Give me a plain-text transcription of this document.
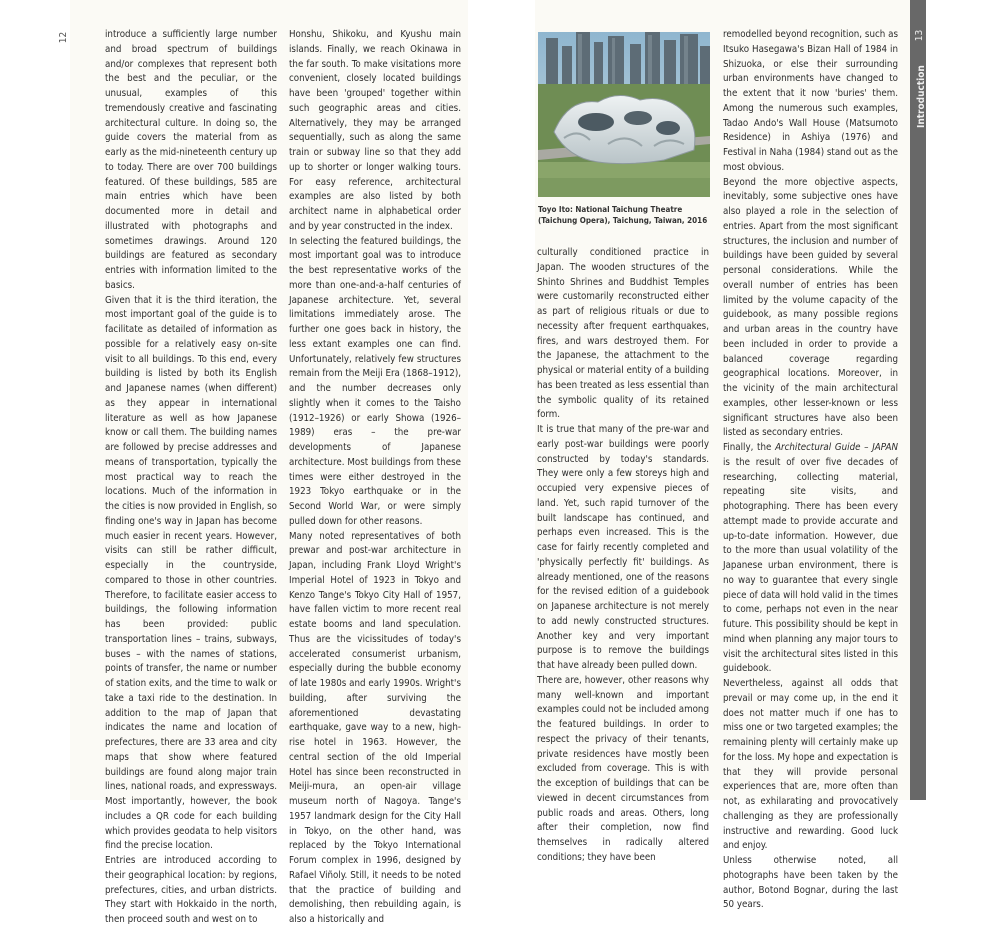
introduce a sufficiently large number and broad spectrum of buildings and/or complexes that represent both the best and the peculiar, or the unusual, examples of this tremendously creative and fascinating architectural culture. In doing so, the guide covers the material from as early as the mid-nineteenth century up to today. There are over 700 buildings featured. Of these buildings, 585 are main entries which have been documented more in detail and illustrated with photographs and sometimes drawings. Around 120 buildings are featured as secondary entries with information limited to the basics.

Given that it is the third iteration, the most important goal of the guide is to facilitate as detailed of information as possible for a relatively easy on-site visit to all buildings. To this end, every building is listed by both its English and Japanese names (when different) as they appear in international literature as well as how Japanese know or call them. The building names are followed by precise addresses and means of transportation, typically the most practical way to reach the locations. Much of the information in the cities is now provided in English, so finding one's way in Japan has become much easier in recent years. However, visits can still be rather difficult, especially in the countryside, compared to those in other countries. Therefore, to facilitate easier access to buildings, the following information has been provided: public transportation lines – trains, subways, buses – with the names of stations, points of transfer, the name or number of station exits, and the time to walk or take a taxi ride to the destination. In addition to the map of Japan that indicates the name and location of prefectures, there are 33 area and city maps that show where featured buildings are found along major train lines, national roads, and expressways. Most importantly, however, the book includes a QR code for each building which provides geodata to help visitors find the precise location.

Entries are introduced according to their geographical location: by regions, prefectures, cities, and urban districts. They start with Hokkaido in the north, then proceed south and west on to

Honshu, Shikoku, and Kyushu main islands. Finally, we reach Okinawa in the far south. To make visitations more convenient, closely located buildings have been 'grouped' together within such geographic areas and cities. Alternatively, they may be arranged sequentially, such as along the same train or subway line so that they add up to shorter or longer walking tours. For easy reference, architectural examples are also listed by both architect name in alphabetical order and by year constructed in the index.

In selecting the featured buildings, the most important goal was to introduce the best representative works of the more than one-and-a-half centuries of Japanese architecture. Yet, several limitations immediately arose. The further one goes back in history, the less extant examples one can find. Unfortunately, relatively few structures remain from the Meiji Era (1868–1912), and the number decreases only slightly when it comes to the Taisho (1912–1926) or early Showa (1926–1989) eras – the pre-war developments of Japanese architecture. Most buildings from these times were either destroyed in the 1923 Tokyo earthquake or in the Second World War, or were simply pulled down for other reasons.

Many noted representatives of both prewar and post-war architecture in Japan, including Frank Lloyd Wright's Imperial Hotel of 1923 in Tokyo and Kenzo Tange's Tokyo City Hall of 1957, have fallen victim to more recent real estate booms and land speculation. Thus are the vicissitudes of today's accelerated consumerist urbanism, especially during the bubble economy of late 1980s and early 1990s. Wright's building, after surviving the aforementioned devastating earthquake, gave way to a new, high-rise hotel in 1963. However, the central section of the old Imperial Hotel has since been reconstructed in Meiji-mura, an open-air village museum north of Nagoya. Tange's 1957 landmark design for the City Hall in Tokyo, on the other hand, was replaced by the Tokyo International Forum complex in 1996, designed by Rafael Viñoly. Still, it needs to be noted that the practice of building and demolishing, then rebuilding again, is also a historically and

culturally conditioned practice in Japan. The wooden structures of the Shinto Shrines and Buddhist Temples were customarily reconstructed either as part of religious rituals or due to necessity after frequent earthquakes, fires, and wars destroyed them. For the Japanese, the attachment to the physical or material entity of a building has been treated as less essential than the symbolic quality of its retained form.

It is true that many of the pre-war and early post-war buildings were poorly constructed by today's standards. They were only a few storeys high and occupied very expensive pieces of land. Yet, such rapid turnover of the built landscape has continued, and perhaps even increased. This is the case for fairly recently completed and 'physically perfectly fit' buildings. As already mentioned, one of the reasons for the revised edition of a guidebook on Japanese architecture is not merely to add newly constructed structures. Another key and very important purpose is to remove the buildings that have already been pulled down.

There are, however, other reasons why many well-known and important examples could not be included among the featured buildings. In order to respect the privacy of their tenants, private residences have mostly been excluded from coverage. This is with the exception of buildings that can be viewed in decent circumstances from public roads and areas. Others, long after their completion, now find themselves in radically altered conditions; they have been

remodelled beyond recognition, such as Itsuko Hasegawa's Bizan Hall of 1984 in Shizuoka, or else their surrounding urban environments have changed to the extent that it now 'buries' them. Among the numerous such examples, Tadao Ando's Wall House (Matsumoto Residence) in Ashiya (1976) and Festival in Naha (1984) stand out as the most obvious.

Beyond the more objective aspects, inevitably, some subjective ones have also played a role in the selection of entries. Apart from the most significant structures, the inclusion and number of buildings have been guided by several personal considerations. While the overall number of entries has been limited by the volume capacity of the guidebook, as many possible regions and urban areas in the country have been included in order to provide a balanced coverage regarding geographical locations. Moreover, in the vicinity of the main architectural examples, other lesser-known or less significant structures have also been listed as secondary entries.

Finally, the Architectural Guide – JAPAN is the result of over five decades of researching, collecting material, repeating site visits, and photographing. There has been every attempt made to provide accurate and up-to-date information. However, due to the more than usual volatility of the Japanese urban environment, there is no way to guarantee that every single piece of data will hold valid in the times to come, perhaps not even in the near future. This possibility should be kept in mind when planning any major tours to visit the architectural sites listed in this guidebook.

Nevertheless, against all odds that prevail or may come up, in the end it does not matter much if one has to miss one or two targeted examples; the remaining plenty will certainly make up for the loss. My hope and expectation is that they will provide personal experiences that are, more often than not, as exhilarating and provocatively challenging as they are professionally instructive and rewarding. Good luck and enjoy.

Unless otherwise noted, all photographs have been taken by the author, Botond Bognar, during the last 50 years.

12	13
Introduction
Toyo Ito: National Taichung Theatre
(Taichung Opera), Taichung, Taiwan, 2016
